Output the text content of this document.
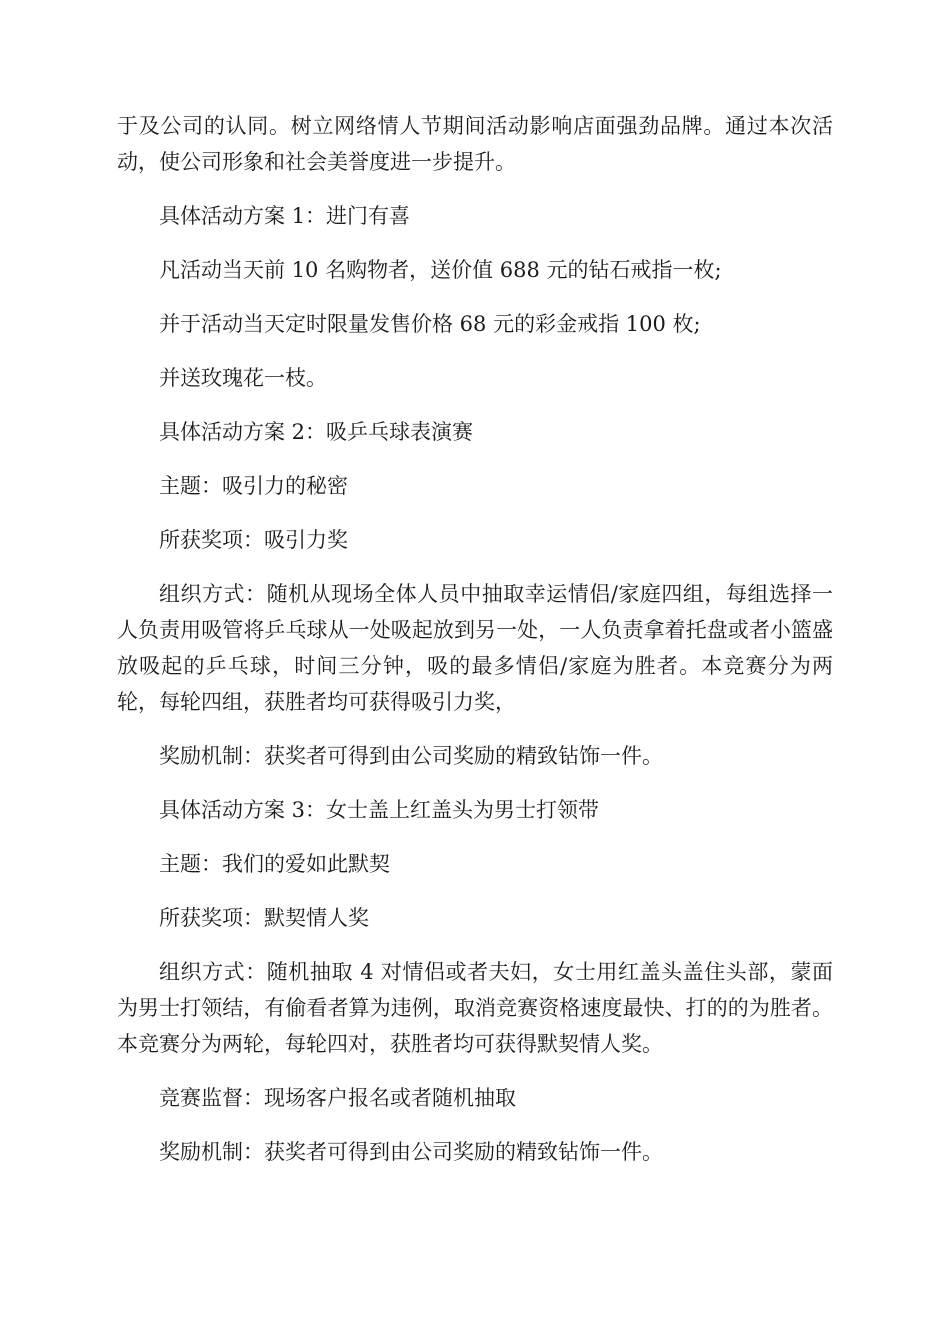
于及公司的认同。树立网络情人节期间活动影响店面强劲品牌。通过本次活动，使公司形象和社会美誉度进一步提升。

具体活动方案 1：进门有喜

凡活动当天前 10 名购物者，送价值 688 元的钻石戒指一枚;

并于活动当天定时限量发售价格 68 元的彩金戒指 100 枚;

并送玫瑰花一枝。

具体活动方案 2：吸乒乓球表演赛

主题：吸引力的秘密

所获奖项：吸引力奖

组织方式：随机从现场全体人员中抽取幸运情侣/家庭四组，每组选择一人负责用吸管将乒乓球从一处吸起放到另一处，一人负责拿着托盘或者小篮盛放吸起的乒乓球，时间三分钟，吸的最多情侣/家庭为胜者。本竞赛分为两轮，每轮四组，获胜者均可获得吸引力奖，

奖励机制：获奖者可得到由公司奖励的精致钻饰一件。

具体活动方案 3：女士盖上红盖头为男士打领带

主题：我们的爱如此默契

所获奖项：默契情人奖

组织方式：随机抽取 4 对情侣或者夫妇，女士用红盖头盖住头部，蒙面为男士打领结，有偷看者算为违例，取消竞赛资格速度最快、打的的为胜者。本竞赛分为两轮，每轮四对，获胜者均可获得默契情人奖。

竞赛监督：现场客户报名或者随机抽取

奖励机制：获奖者可得到由公司奖励的精致钻饰一件。
